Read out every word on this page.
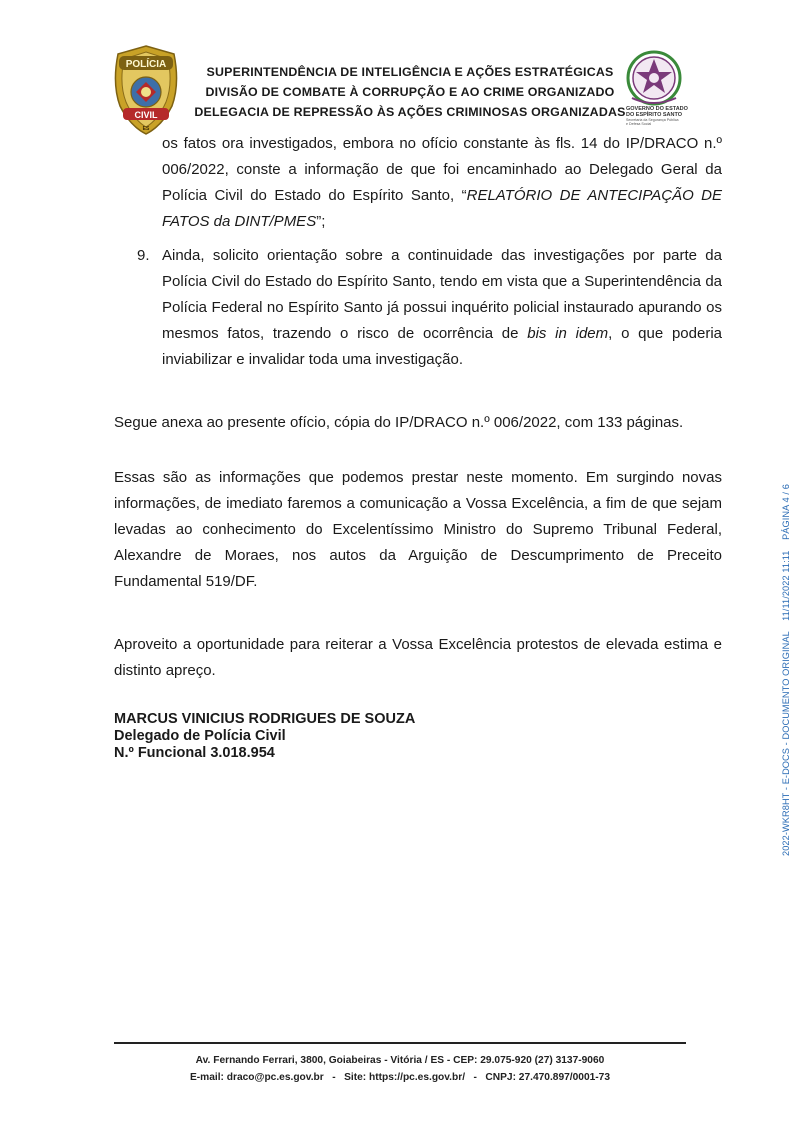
POLÍCIA
CIVIL
ES
SUPERINTENDÊNCIA DE INTELIGÊNCIA E AÇÕES ESTRATÉGICAS
DIVISÃO DE COMBATE À CORRUPÇÃO E AO CRIME ORGANIZADO
DELEGACIA DE REPRESSÃO ÀS AÇÕES CRIMINOSAS ORGANIZADAS GOVERNO DO ESTADO
DO ESPÍRITO SANTO
Secretaria da Segurança Pública
e Defesa Social
os fatos ora investigados, embora no ofício constante às fls. 14 do IP/DRACO n.º 006/2022, conste a informação de que foi encaminhado ao Delegado Geral da Polícia Civil do Estado do Espírito Santo, “RELATÓRIO DE ANTECIPAÇÃO DE FATOS da DINT/PMES”;
9. Ainda, solicito orientação sobre a continuidade das investigações por parte da Polícia Civil do Estado do Espírito Santo, tendo em vista que a Superintendência da Polícia Federal no Espírito Santo já possui inquérito policial instaurado apurando os mesmos fatos, trazendo o risco de ocorrência de bis in idem, o que poderia inviabilizar e invalidar toda uma investigação.
Segue anexa ao presente ofício, cópia do IP/DRACO n.º 006/2022, com 133 páginas.
Essas são as informações que podemos prestar neste momento. Em surgindo novas informações, de imediato faremos a comunicação a Vossa Excelência, a fim de que sejam levadas ao conhecimento do Excelentíssimo Ministro do Supremo Tribunal Federal, Alexandre de Moraes, nos autos da Arguição de Descumprimento de Preceito Fundamental 519/DF.
Aproveito a oportunidade para reiterar a Vossa Excelência protestos de elevada estima e distinto apreço.
MARCUS VINICIUS RODRIGUES DE SOUZA
Delegado de Polícia Civil
N.º Funcional 3.018.954	2022-WKR8HT - E-DOCS - DOCUMENTO ORIGINAL    11/11/2022 11:11    PÁGINA 4 / 6
Av. Fernando Ferrari, 3800, Goiabeiras - Vitória / ES - CEP: 29.075-920 (27) 3137-9060
E-mail: draco@pc.es.gov.br   -   Site: https://pc.es.gov.br/   -   CNPJ: 27.470.897/0001-73
